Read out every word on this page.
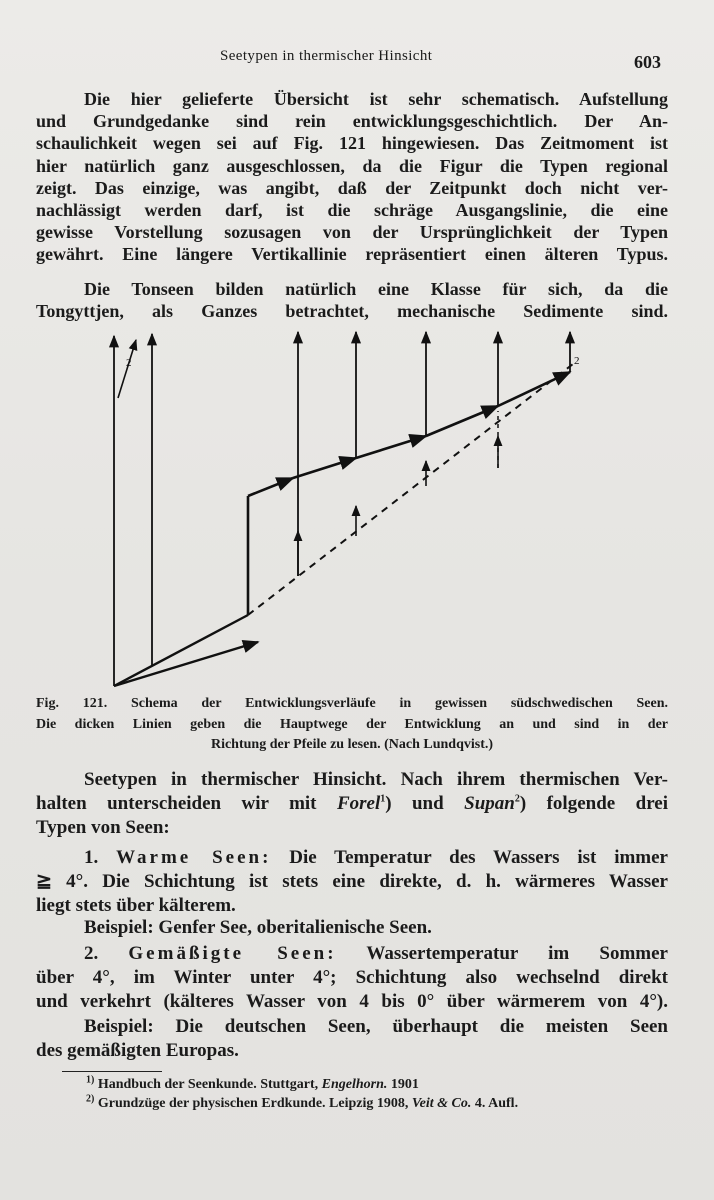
Seetypen in thermischer Hinsicht	603
Die hier gelieferte Übersicht ist sehr schematisch. Aufstellung
und Grundgedanke sind rein entwicklungsgeschichtlich. Der An-
schaulichkeit wegen sei auf Fig. 121 hingewiesen. Das Zeitmoment ist
hier natürlich ganz ausgeschlossen, da die Figur die Typen regional
zeigt. Das einzige, was angibt, daß der Zeitpunkt doch nicht ver-
nachlässigt werden darf, ist die schräge Ausgangslinie, die eine
gewisse Vorstellung sozusagen von der Ursprünglichkeit der Typen
gewährt. Eine längere Vertikallinie repräsentiert einen älteren Typus.
Die Tonseen bilden natürlich eine Klasse für sich, da die
Tongyttjen, als Ganzes betrachtet, mechanische Sedimente sind.
2	2
Fig. 121. Schema der Entwicklungsverläufe in gewissen südschwedischen Seen.
Die dicken Linien geben die Hauptwege der Entwicklung an und sind in der
Richtung der Pfeile zu lesen. (Nach Lundqvist.)
Seetypen in thermischer Hinsicht. Nach ihrem thermischen Ver-
halten unterscheiden wir mit Forel$^1$) und Supan$^2$) folgende drei
Typen von Seen:
1. Warme Seen: Die Temperatur des Wassers ist immer
≧ 4°. Die Schichtung ist stets eine direkte, d. h. wärmeres Wasser
liegt stets über kälterem.
Beispiel: Genfer See, oberitalienische Seen.
2. Gemäßigte Seen: Wassertemperatur im Sommer
über 4°, im Winter unter 4°; Schichtung also wechselnd direkt
und verkehrt (kälteres Wasser von 4 bis 0° über wärmerem von 4°).
Beispiel: Die deutschen Seen, überhaupt die meisten Seen
des gemäßigten Europas.
$^{1)}$ Handbuch der Seenkunde. Stuttgart, Engelhorn. 1901
$^{2)}$ Grundzüge der physischen Erdkunde. Leipzig 1908, Veit & Co. 4. Aufl.
